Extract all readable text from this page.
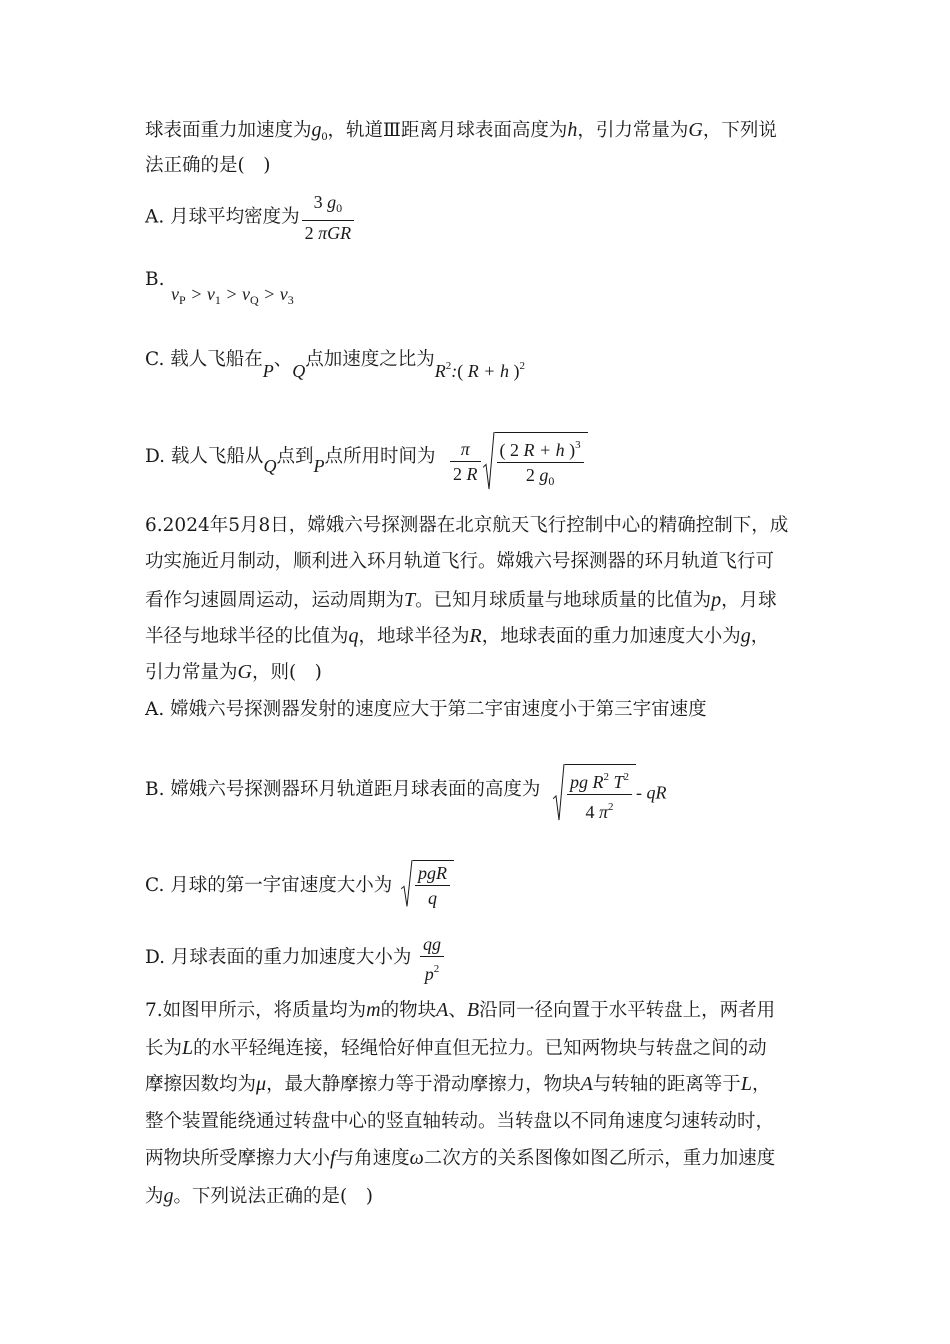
球表面重力加速度为$g_0$，轨道Ⅲ距离月球表面高度为h，引力常量为G，下列说
法正确的是(　)
A. 月球平均密度为 $\frac{3 g_0}{\text{2 πGR}}$
B.
$v_P > v_1 > v_Q > v_3$
C. 载人飞船在P、Q点加速度之比为$R^2$:( R + h )$^2$
D. 载人飞船从Q点到P点所用时间为 $\frac{\pi}{2 R} \frac{( 2 R + h )^3}{2 g_0}$
6.2024年5月8日，嫦娥六号探测器在北京航天飞行控制中心的精确控制下，成
功实施近月制动，顺利进入环月轨道飞行。嫦娥六号探测器的环月轨道飞行可
看作匀速圆周运动，运动周期为T。已知月球质量与地球质量的比值为p，月球
半径与地球半径的比值为q，地球半径为R，地球表面的重力加速度大小为g，
引力常量为G，则(　)
A. 嫦娥六号探测器发射的速度应大于第二宇宙速度小于第三宇宙速度
B. 嫦娥六号探测器环月轨道距月球表面的高度为 $\frac{pg R^2 T^2}{4 \pi^2}$ - qR
C. 月球的第一宇宙速度大小为 $\frac{\text{pgR}}{q}$
D. 月球表面的重力加速度大小为 $\frac{qg}{p^2}$
7.如图甲所示，将质量均为m的物块A、B沿同一径向置于水平转盘上，两者用
长为L的水平轻绳连接，轻绳恰好伸直但无拉力。已知两物块与转盘之间的动
摩擦因数均为μ，最大静摩擦力等于滑动摩擦力，物块A与转轴的距离等于L，
整个装置能绕通过转盘中心的竖直轴转动。当转盘以不同角速度匀速转动时，
两物块所受摩擦力大小f与角速度ω二次方的关系图像如图乙所示，重力加速度
为g。下列说法正确的是(　)
